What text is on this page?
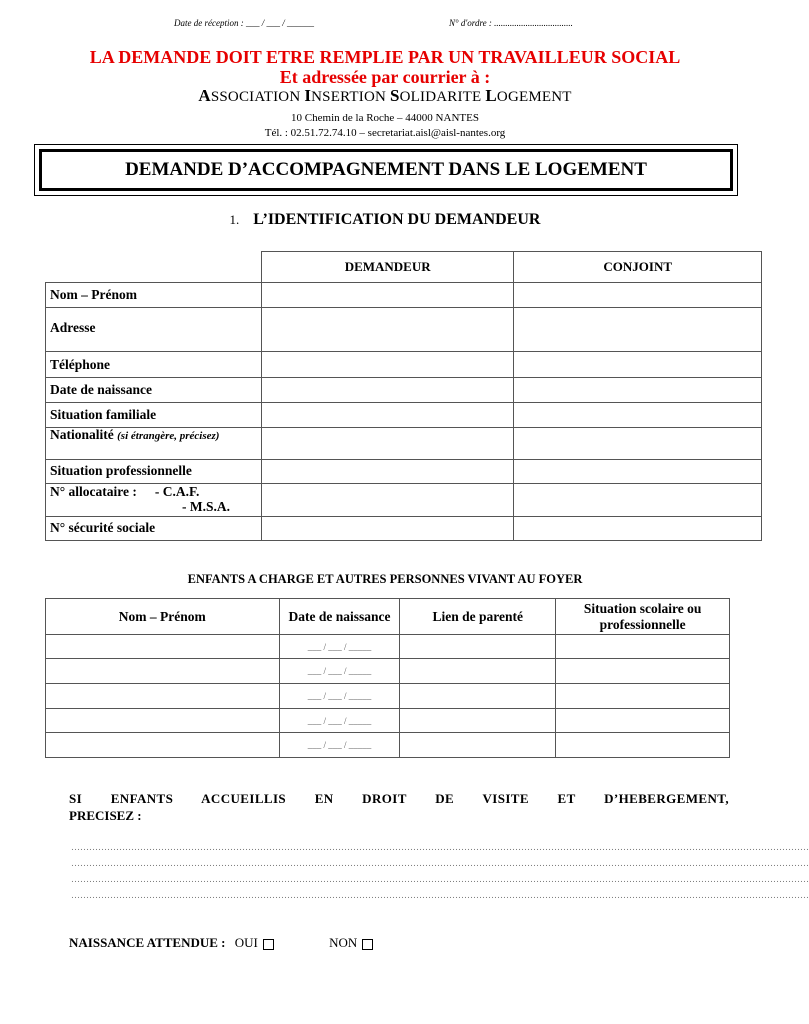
Date de réception : ___ / ___ / ______	N° d'ordre : ...................................
LA DEMANDE DOIT ETRE REMPLIE PAR UN TRAVAILLEUR SOCIAL
Et adressée par courrier à :
ASSOCIATION INSERTION SOLIDARITE LOGEMENT
10 Chemin de la Roche – 44000 NANTES
Tél. : 02.51.72.74.10 – secretariat.aisl@aisl-nantes.org
DEMANDE D’ACCOMPAGNEMENT DANS LE LOGEMENT
1. L’IDENTIFICATION DU DEMANDEUR
	DEMANDEUR	CONJOINT
Nom – Prénom		
Adresse		
Téléphone		
Date de naissance		
Situation familiale		
Nationalité (si étrangère, précisez)		
Situation professionnelle		

N° allocataire : - C.A.F.
- M.S.A.		

N° sécurité sociale		
ENFANTS A CHARGE ET AUTRES PERSONNES VIVANT AU FOYER
Nom – Prénom	Date de naissance	Lien de parenté	Situation scolaire ou professionnelle
	___ / ___ / _____		
	___ / ___ / _____		
	___ / ___ / _____		
	___ / ___ / _____		
	___ / ___ / _____		
SI ENFANTS ACCUEILLIS EN DROIT DE VISITE ET D’HEBERGEMENT,
PRECISEZ :
…………………………………………………………………………………………………………………………………………………………………………………………………………………………
…………………………………………………………………………………………………………………………………………………………………………………………………………………………
…………………………………………………………………………………………………………………………………………………………………………………………………………………………
…………………………………………………………………………………………………………………………………………………………………………………………………………………………
NAISSANCE ATTENDUE : OUI	NON
